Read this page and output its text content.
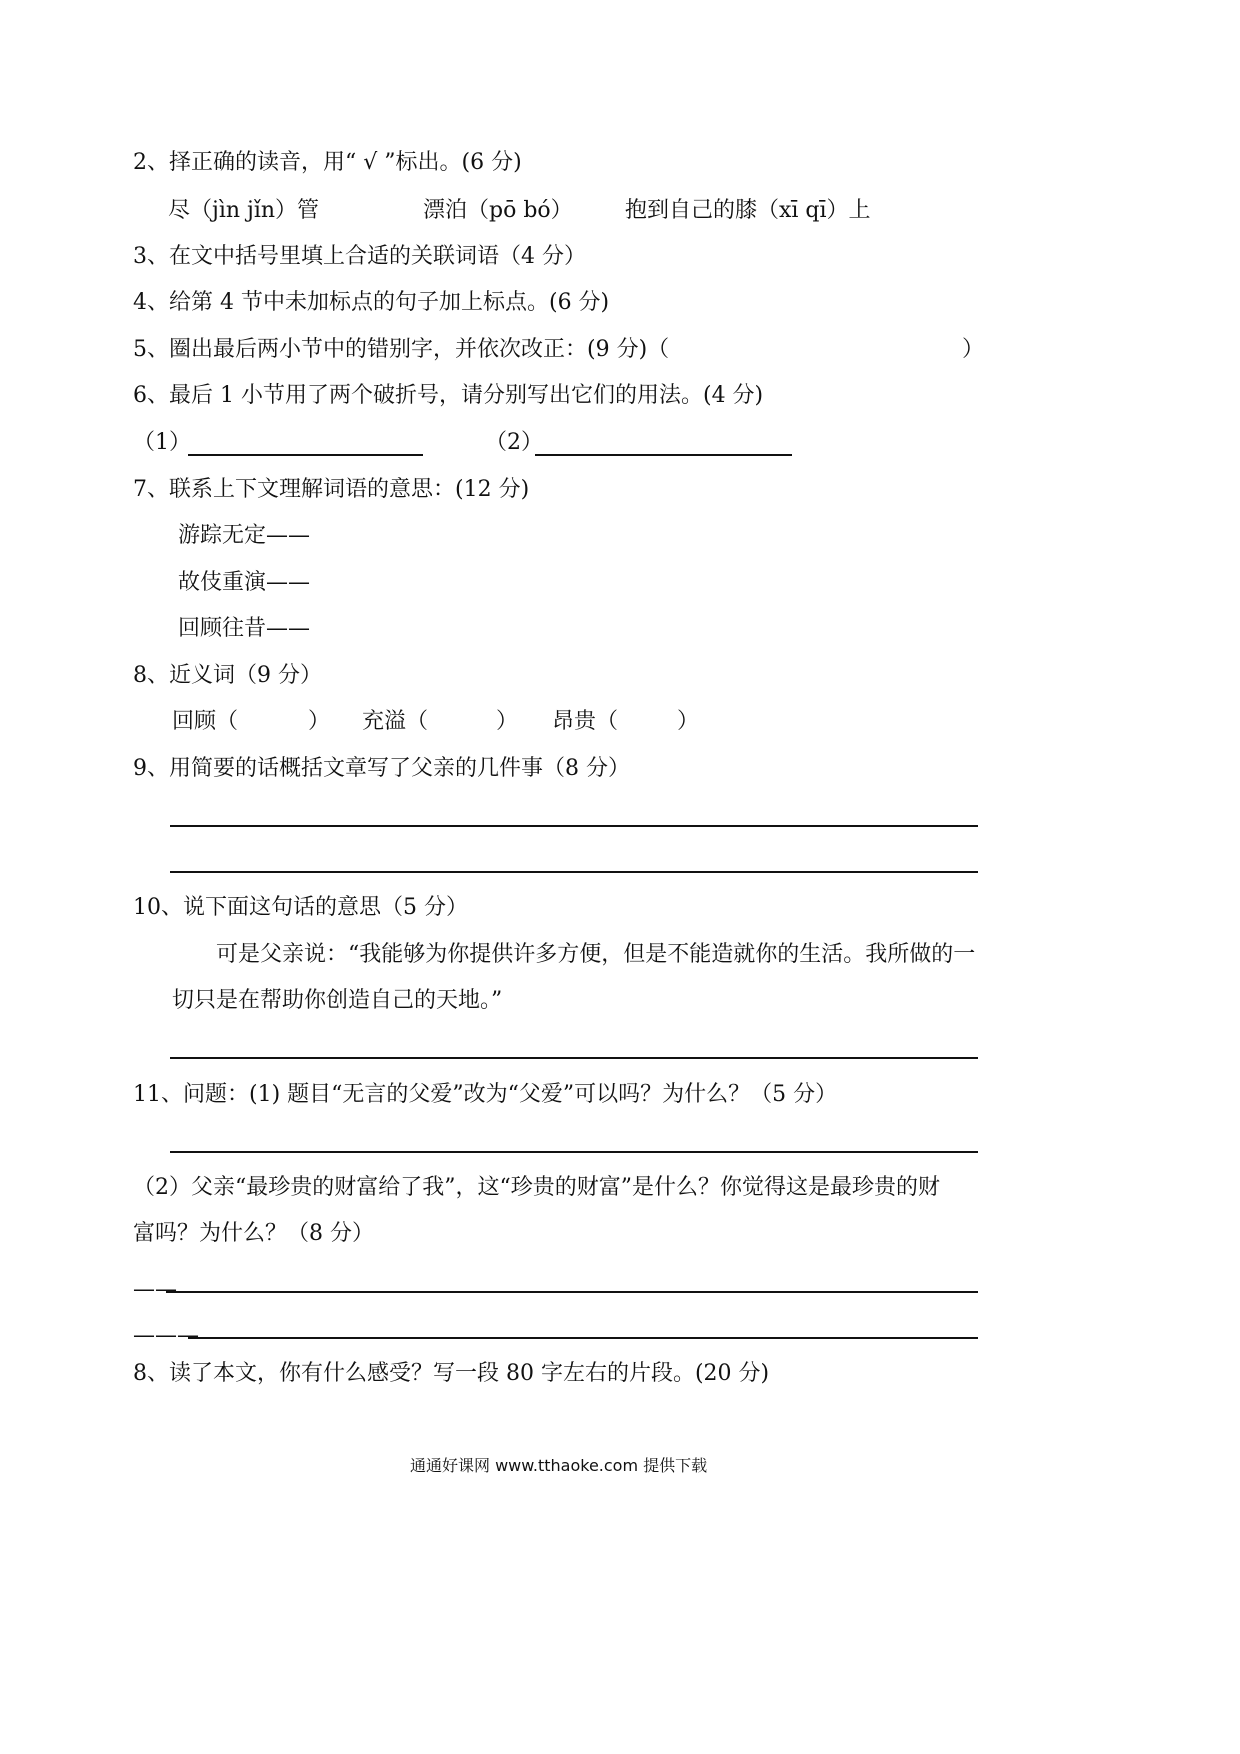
2、择正确的读音，用“ √ ”标出。(6 分)
尽（jìn jǐn）管	漂泊（pō bó） 抱到自己的膝（xī qī）上
3、在文中括号里填上合适的关联词语（4 分）
4、给第 4 节中未加标点的句子加上标点。(6 分)
5、圈出最后两小节中的错别字，并依次改正：(9 分)（	）
6、最后 1 小节用了两个破折号，请分别写出它们的用法。(4 分)
（1）	（2）
7、联系上下文理解词语的意思：(12 分)
游踪无定——
故伎重演——
回顾往昔——
8、近义词（9 分）
回顾（	） 充溢（	） 昂贵（	）
9、用简要的话概括文章写了父亲的几件事（8 分）
10、说下面这句话的意思（5 分）
可是父亲说：“我能够为你提供许多方便，但是不能造就你的生活。我所做的一
切只是在帮助你创造自己的天地。”
11、问题：(1) 题目“无言的父爱”改为“父爱”可以吗？为什么？（5 分）
（2）父亲“最珍贵的财富给了我”，这“珍贵的财富”是什么？你觉得这是最珍贵的财
富吗？为什么？（8 分）
——
———
8、读了本文，你有什么感受？写一段 80 字左右的片段。(20 分)
通通好课网 www.tthaoke.com 提供下载
